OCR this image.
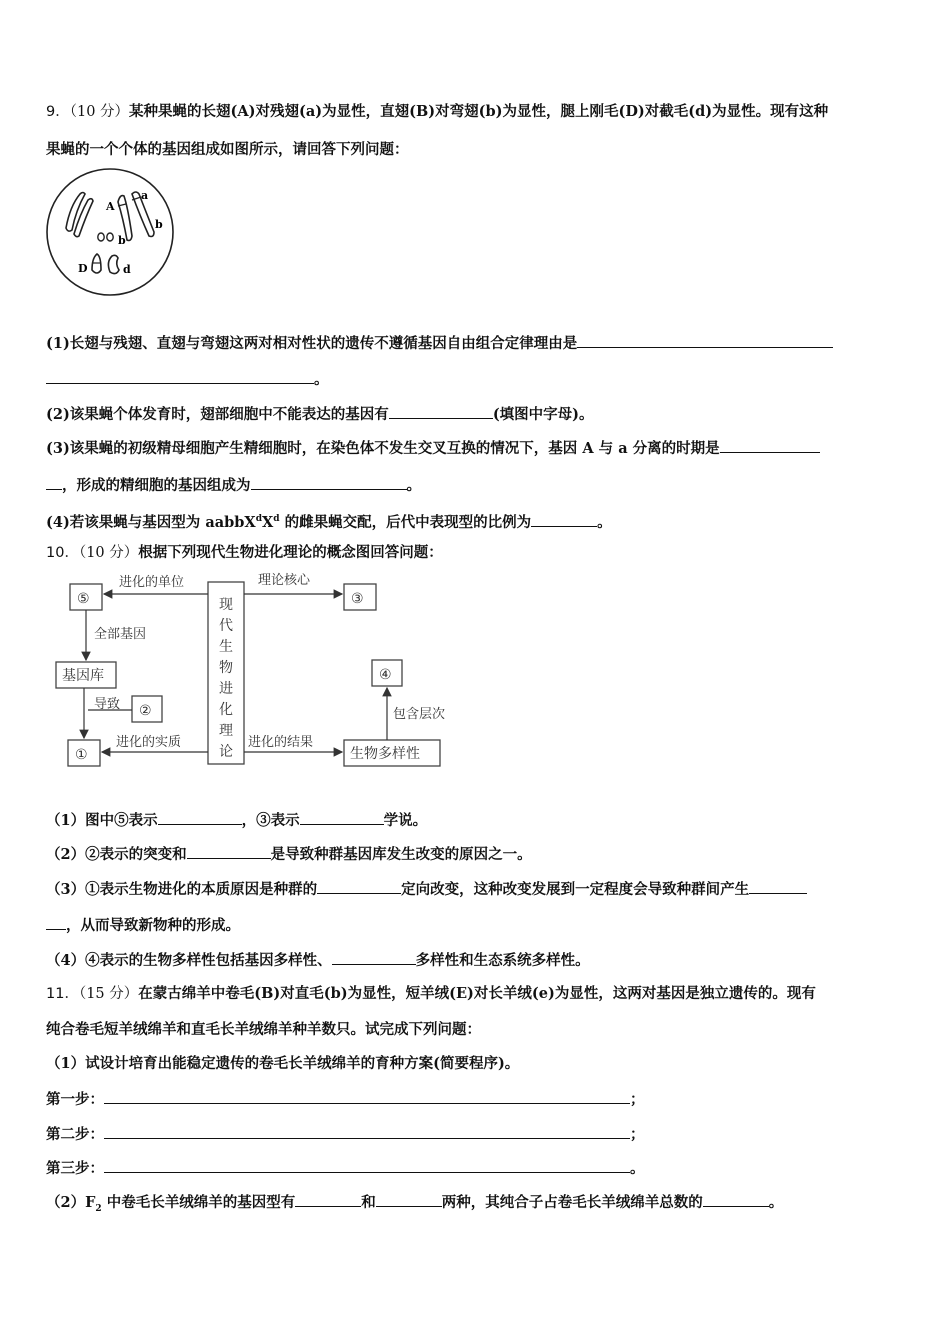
9．（10 分）某种果蝇的长翅(A)对残翅(a)为显性，直翅(B)对弯翅(b)为显性，腿上刚毛(D)对截毛(d)为显性。现有这种
果蝇的一个个体的基因组成如图所示，请回答下列问题：
A
a
b
b
D	d
(1)长翅与残翅、直翅与弯翅这两对相对性状的遗传不遵循基因自由组合定律理由是
。
(2)该果蝇个体发育时，翅部细胞中不能表达的基因有	(填图中字母)。
(3)该果蝇的初级精母细胞产生精细胞时，在染色体不发生交叉互换的情况下，基因 A 与 a 分离的时期是
，形成的精细胞的基因组成为	。
(4)若该果蝇与基因型为 $aabbX^dX^d$ 的雌果蝇交配，后代中表现型的比例为	。
10．（10 分）根据下列现代生物进化理论的概念图回答问题：
⑤	③
④
②
①
基因库
生物多样性
进化的单位	理论核心
全部基因
导致
进化的实质	进化的结果
包含层次
现
代
生
物
进
化
理
论
（1）图中⑤表示	，③表示	学说。
（2）②表示的突变和	是导致种群基因库发生改变的原因之一。
（3）①表示生物进化的本质原因是种群的	定向改变，这种改变发展到一定程度会导致种群间产生
，从而导致新物种的形成。
（4）④表示的生物多样性包括基因多样性、	多样性和生态系统多样性。
11．（15 分）在蒙古绵羊中卷毛(B)对直毛(b)为显性，短羊绒(E)对长羊绒(e)为显性，这两对基因是独立遗传的。现有
纯合卷毛短羊绒绵羊和直毛长羊绒绵羊种羊数只。试完成下列问题：
（1）试设计培育出能稳定遗传的卷毛长羊绒绵羊的育种方案(简要程序)。
第一步：	；
第二步：	；
第三步：	。
$(2)F_2$ 中卷毛长羊绒绵羊的基因型有	和	两种，其纯合子占卷毛长羊绒绵羊总数的	。
